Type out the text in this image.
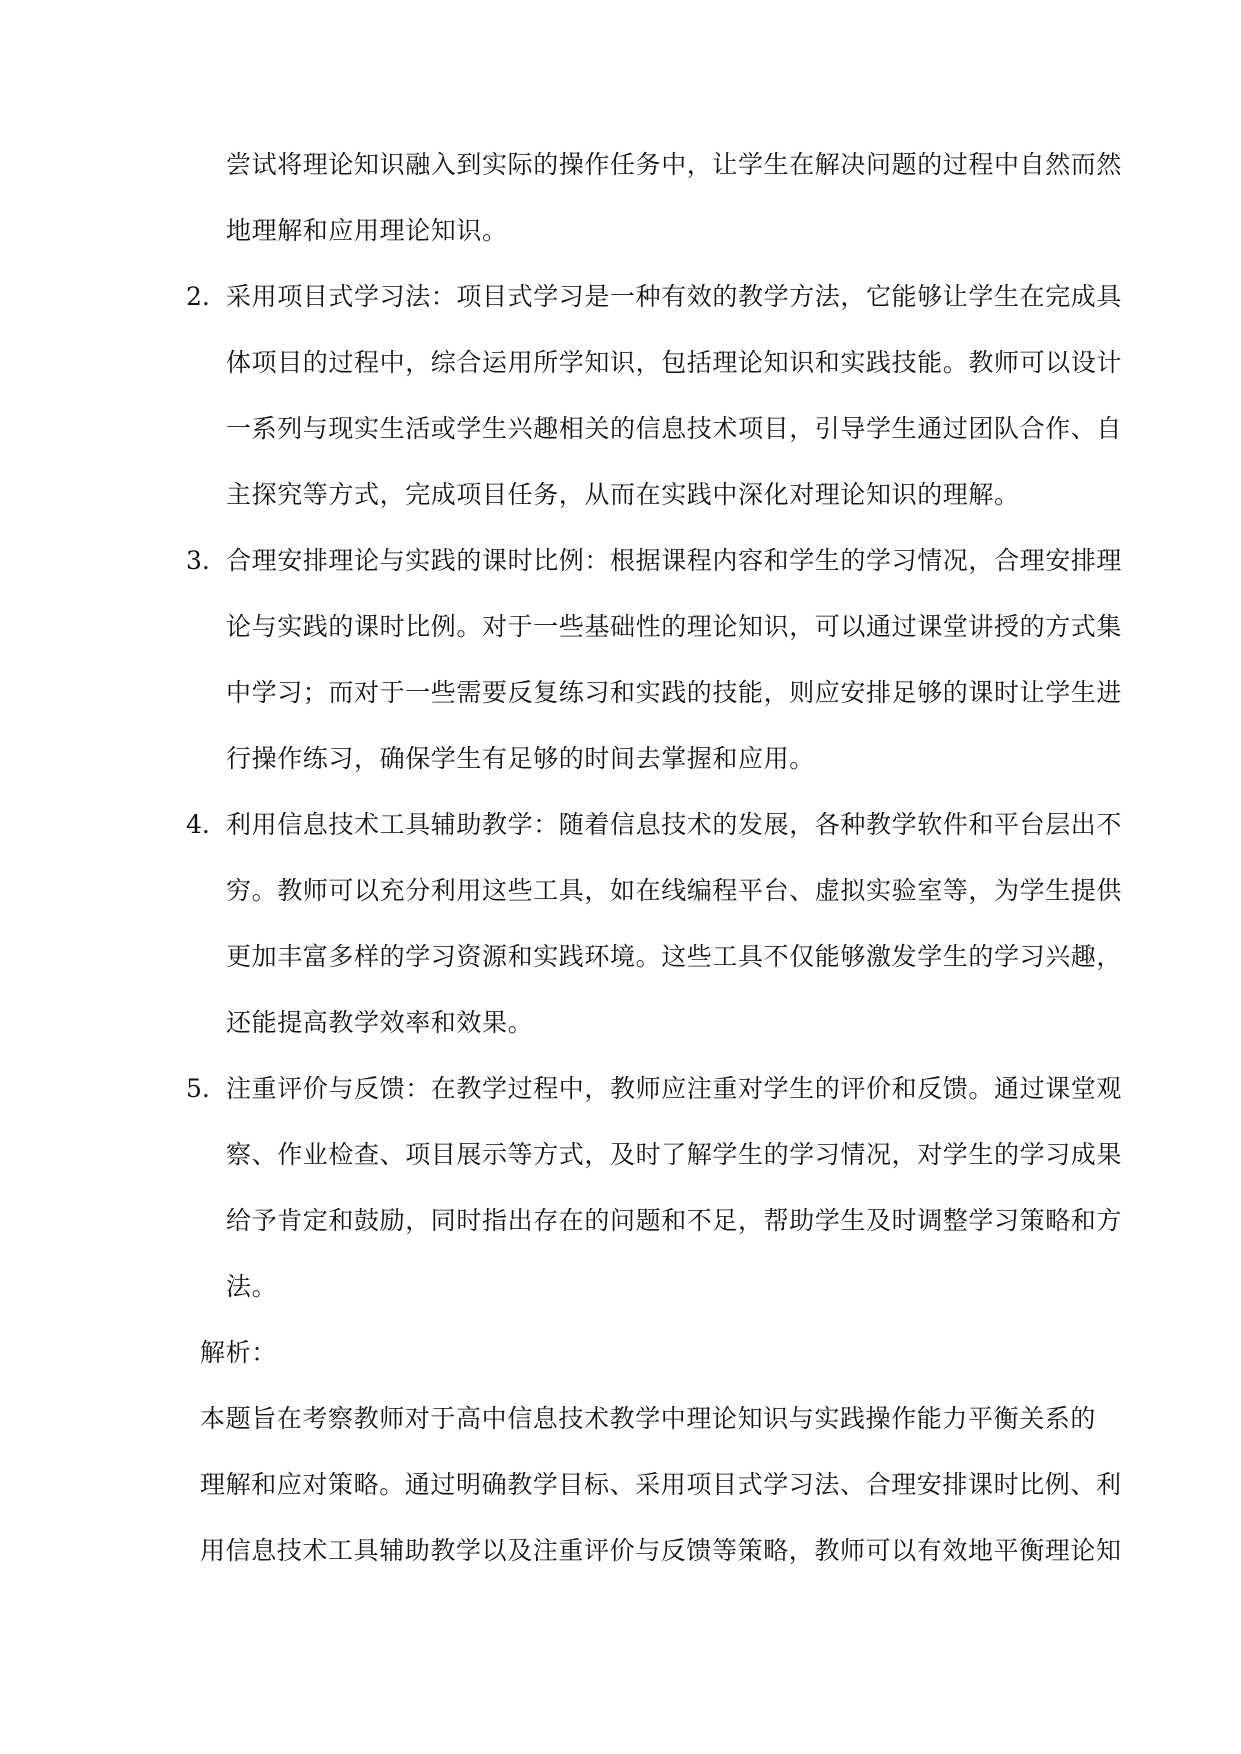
尝试将理论知识融入到实际的操作任务中，让学生在解决问题的过程中自然而然
地理解和应用理论知识。
2. 采用项目式学习法：项目式学习是一种有效的教学方法，它能够让学生在完成具
体项目的过程中，综合运用所学知识，包括理论知识和实践技能。教师可以设计
一系列与现实生活或学生兴趣相关的信息技术项目，引导学生通过团队合作、自
主探究等方式，完成项目任务，从而在实践中深化对理论知识的理解。
3. 合理安排理论与实践的课时比例：根据课程内容和学生的学习情况，合理安排理
论与实践的课时比例。对于一些基础性的理论知识，可以通过课堂讲授的方式集
中学习；而对于一些需要反复练习和实践的技能，则应安排足够的课时让学生进
行操作练习，确保学生有足够的时间去掌握和应用。
4. 利用信息技术工具辅助教学：随着信息技术的发展，各种教学软件和平台层出不
穷。教师可以充分利用这些工具，如在线编程平台、虚拟实验室等，为学生提供
更加丰富多样的学习资源和实践环境。这些工具不仅能够激发学生的学习兴趣，
还能提高教学效率和效果。
5. 注重评价与反馈：在教学过程中，教师应注重对学生的评价和反馈。通过课堂观
察、作业检查、项目展示等方式，及时了解学生的学习情况，对学生的学习成果
给予肯定和鼓励，同时指出存在的问题和不足，帮助学生及时调整学习策略和方
法。
解析：
本题旨在考察教师对于高中信息技术教学中理论知识与实践操作能力平衡关系的
理解和应对策略。通过明确教学目标、采用项目式学习法、合理安排课时比例、利
用信息技术工具辅助教学以及注重评价与反馈等策略，教师可以有效地平衡理论知
